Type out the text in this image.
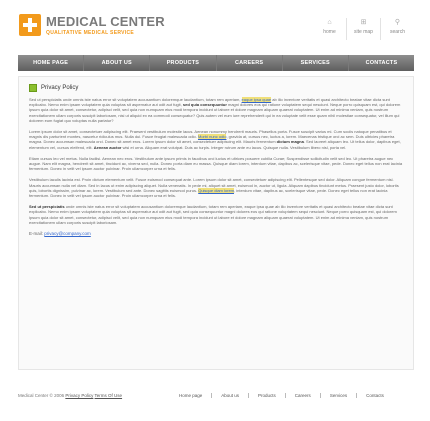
MEDICAL CENTER
QUALITATIVE MEDICAL SERVICE
⌂
home
⊞
site map
⚲
search
HOME PAGE	ABOUT US	PRODUCTS	CAREERS	SERVICES	CONTACTS
Privacy Policy

Sed ut perspiciatis unde omnis iste natus error sit voluptatem accusantium doloremque laudantium, totam rem aperiam, eaque ipsa quae ab illo inventore veritatis et quasi architecto beatae vitae dicta sunt explicabo. Nemo enim ipsam voluptatem quia voluptas sit aspernatur aut odit aut fugit, sed quia consequuntur magni dolores eos qui ratione voluptatem sequi nesciunt. Neque porro quisquam est, qui dolorem ipsum quia dolor sit amet, consectetur, adipisci velit, sed quia non numquam eius modi tempora incidunt ut labore et dolore magnam aliquam quaerat voluptatem. Ut enim ad minima veniam, quis nostrum exercitationem ullam corporis suscipit laboriosam, nisi ut aliquid ex ea commodi consequatur? Quis autem vel eum iure reprehenderit qui in ea voluptate velit esse quam nihil molestiae consequatur, vel illum qui dolorem eum fugiat quo voluptas nulla pariatur?

Lorem ipsum dolor sit amet, consectetuer adipiscing elit. Praesent vestibulum molestie lacus. Aenean nonummy hendrerit mauris. Phasellus porta. Fusce suscipit varius mi. Cum sociis natoque penatibus et magnis dis parturient montes, nascetur ridiculus mus. Nulla dui. Fusce feugiat malesuada odio. Morbi nunc odio, gravida at, cursus nec, luctus a, lorem. Maecenas tristique orci ac sem. Duis ultricies pharetra magna. Donec accumsan malesuada orci. Donec sit amet eros. Lorem ipsum dolor sit amet, consectetuer adipiscing elit. Mauris fermentum dictum magna. Sed laoreet aliquam leo. Ut tellus dolor, dapibus eget, elementum vel, cursus eleifend, elit. Aenean auctor wisi et urna. Aliquam erat volutpat. Duis ac turpis. Integer rutrum ante eu lacus. Quisque nulla. Vestibulum libero nisl, porta vel.

Etiam cursus leo vel metus. Nulla facilisi. Aenean nec eros. Vestibulum ante ipsum primis in faucibus orci luctus et ultrices posuere cubilia Curae; Suspendisse sollicitudin velit sed leo. Ut pharetra augue nec augue. Nam elit magna, hendrerit sit amet, tincidunt ac, viverra sed, nulla. Donec porta diam eu massa. Quisque diam lorem, interdum vitae, dapibus ac, scelerisque vitae, pede. Donec eget tellus non erat lacinia fermentum. Donec in velit vel ipsum auctor pulvinar. Proin ullamcorper urna et felis.

Vestibulum iaculis lacinia est. Proin dictum elementum velit. Fusce euismod consequat ante. Lorem ipsum dolor sit amet, consectetuer adipiscing elit. Pellentesque sed dolor. Aliquam congue fermentum nisl. Mauris accumsan nulla vel diam. Sed in lacus ut enim adipiscing aliquet. Nulla venenatis. In pede mi, aliquet sit amet, euismod in, auctor ut, ligula. Aliquam dapibus tincidunt metus. Praesent justo dolor, lobortis quis, lobortis dignissim, pulvinar ac, lorem. Vestibulum sed ante. Donec sagittis euismod purus. Quisque diam lorem, interdum vitae, dapibus ac, scelerisque vitae, pede. Donec eget tellus non erat lacinia fermentum. Donec in velit vel ipsum auctor pulvinar. Proin ullamcorper urna et felis.

Sed ut perspiciatis unde omnis iste natus error sit voluptatem accusantium doloremque laudantium, totam rem aperiam, eaque ipsa quae ab illo inventore veritatis et quasi architecto beatae vitae dicta sunt explicabo. Nemo enim ipsam voluptatem quia voluptas sit aspernatur aut odit aut fugit, sed quia consequuntur magni dolores eos qui ratione voluptatem sequi nesciunt. Neque porro quisquam est, qui dolorem ipsum quia dolor sit amet, consectetur, adipisci velit, sed quia non numquam eius modi tempora incidunt ut labore et dolore magnam aliquam quaerat voluptatem. Ut enim ad minima veniam, quis nostrum exercitationem ullam corporis suscipit laboriosam.

E-mail: privacy@company.com
Medical Center © 2006 Privacy Policy Terms Of Use	Home page	About us	Products	Careers	Services	Contacts
